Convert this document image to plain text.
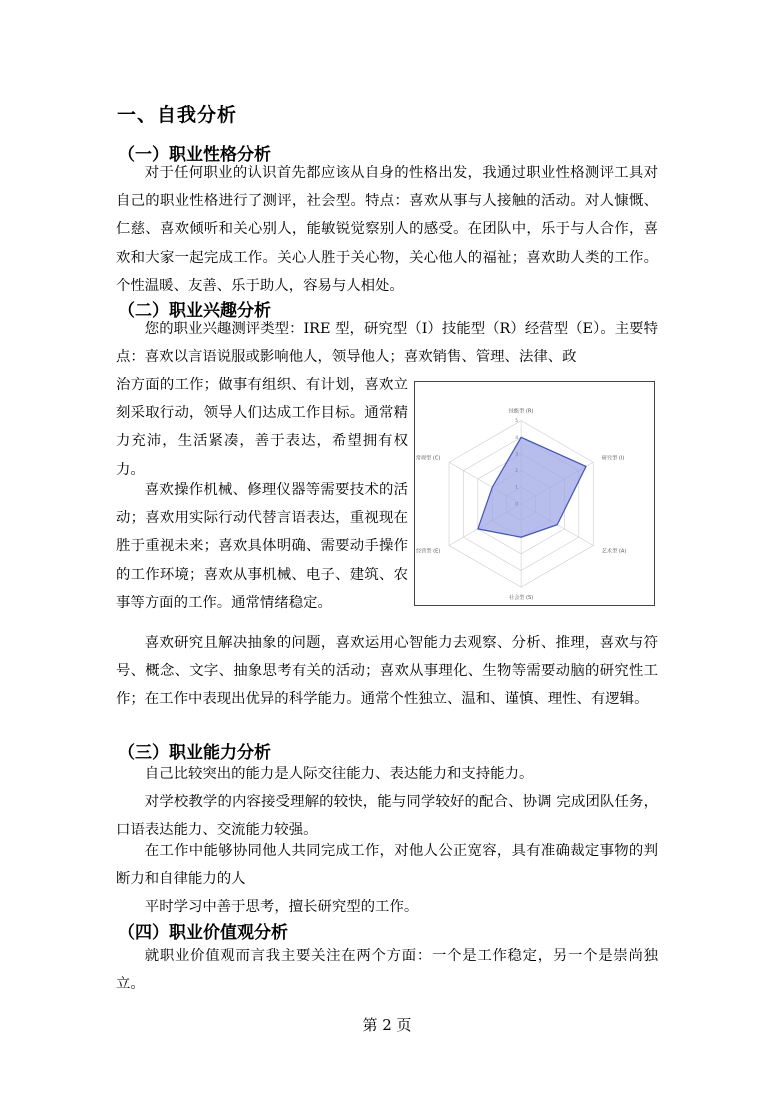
一、自我分析
（一）职业性格分析

对于任何职业的认识首先都应该从自身的性格出发，我通过职业性格测评工具对自己的职业性格进行了测评，社会型。特点：喜欢从事与人接触的活动。对人慷慨、仁慈、喜欢倾听和关心别人，能敏锐觉察别人的感受。在团队中，乐于与人合作，喜欢和大家一起完成工作。关心人胜于关心物，关心他人的福祉；喜欢助人类的工作。个性温暖、友善、乐于助人，容易与人相处。

（二）职业兴趣分析

您的职业兴趣测评类型：IRE 型，研究型（I）技能型（R）经营型（E）。主要特点：喜欢以言语说服或影响他人，领导他人；喜欢销售、管理、法律、政

治方面的工作；做事有组织、有计划，喜欢立刻采取行动，领导人们达成工作目标。通常精力充沛，生活紧凑，善于表达，希望拥有权力。

喜欢操作机械、修理仪器等需要技术的活动；喜欢用实际行动代替言语表达，重视现在胜于重视未来；喜欢具体明确、需要动手操作的工作环境；喜欢从事机械、电子、建筑、农事等方面的工作。通常情绪稳定。

技能型 (R)
研究型 (I)
艺术型 (A)
社会型 (S)
经营型 (E)
常规型 (C)
0
1
2
3
4
5

喜欢研究且解决抽象的问题，喜欢运用心智能力去观察、分析、推理，喜欢与符号、概念、文字、抽象思考有关的活动；喜欢从事理化、生物等需要动脑的研究性工作；在工作中表现出优异的科学能力。通常个性独立、温和、谨慎、理性、有逻辑。

（三）职业能力分析

自己比较突出的能力是人际交往能力、表达能力和支持能力。

对学校教学的内容接受理解的较快，能与同学较好的配合、协调 完成团队任务，口语表达能力、交流能力较强。

在工作中能够协同他人共同完成工作，对他人公正宽容，具有准确裁定事物的判断力和自律能力的人

平时学习中善于思考，擅长研究型的工作。

（四）职业价值观分析

就职业价值观而言我主要关注在两个方面：一个是工作稳定，另一个是崇尚独立。

第 2 页
